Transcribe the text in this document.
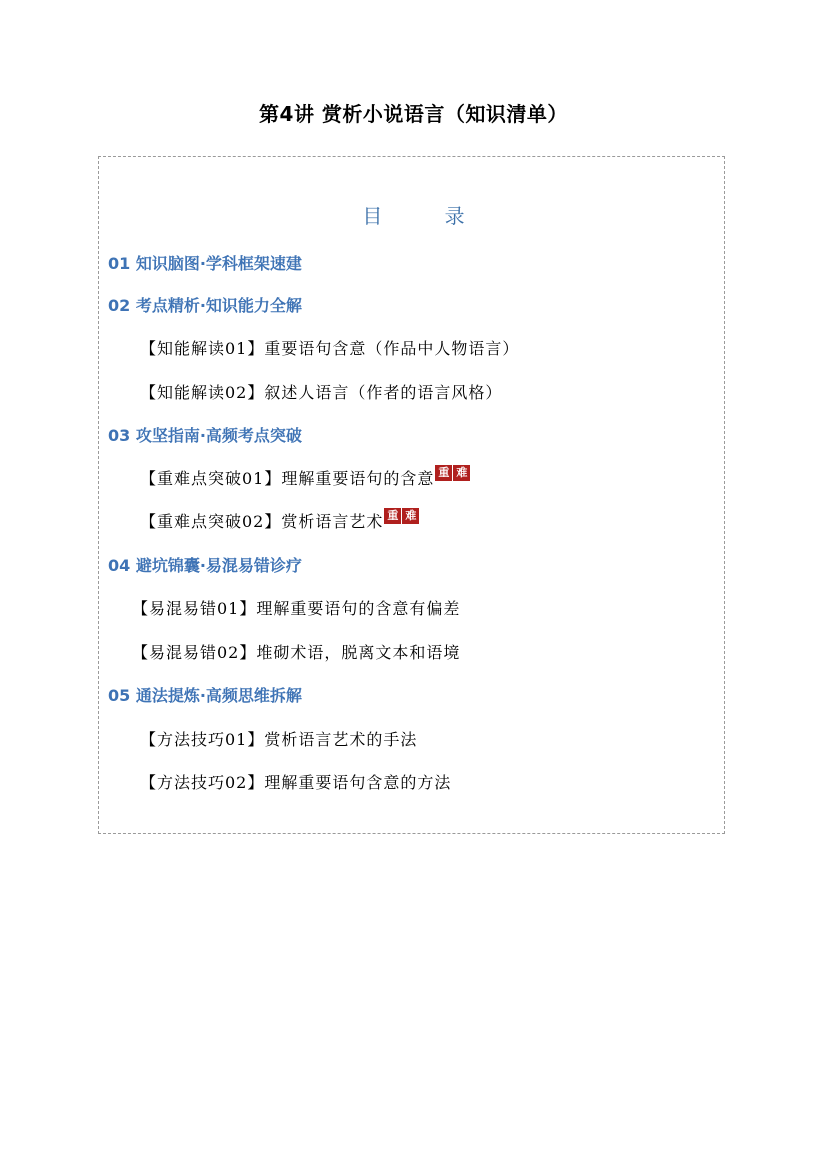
第4讲 赏析小说语言（知识清单）
目 录
01 知识脑图·学科框架速建
02 考点精析·知识能力全解
【知能解读01】重要语句含意（作品中人物语言）
【知能解读02】叙述人语言（作者的语言风格）
03 攻坚指南·高频考点突破
【重难点突破01】理解重要语句的含意 重 难
【重难点突破02】赏析语言艺术 重 难
04 避坑锦囊·易混易错诊疗
【易混易错01】理解重要语句的含意有偏差
【易混易错02】堆砌术语，脱离文本和语境
05 通法提炼·高频思维拆解
【方法技巧01】赏析语言艺术的手法
【方法技巧02】理解重要语句含意的方法
